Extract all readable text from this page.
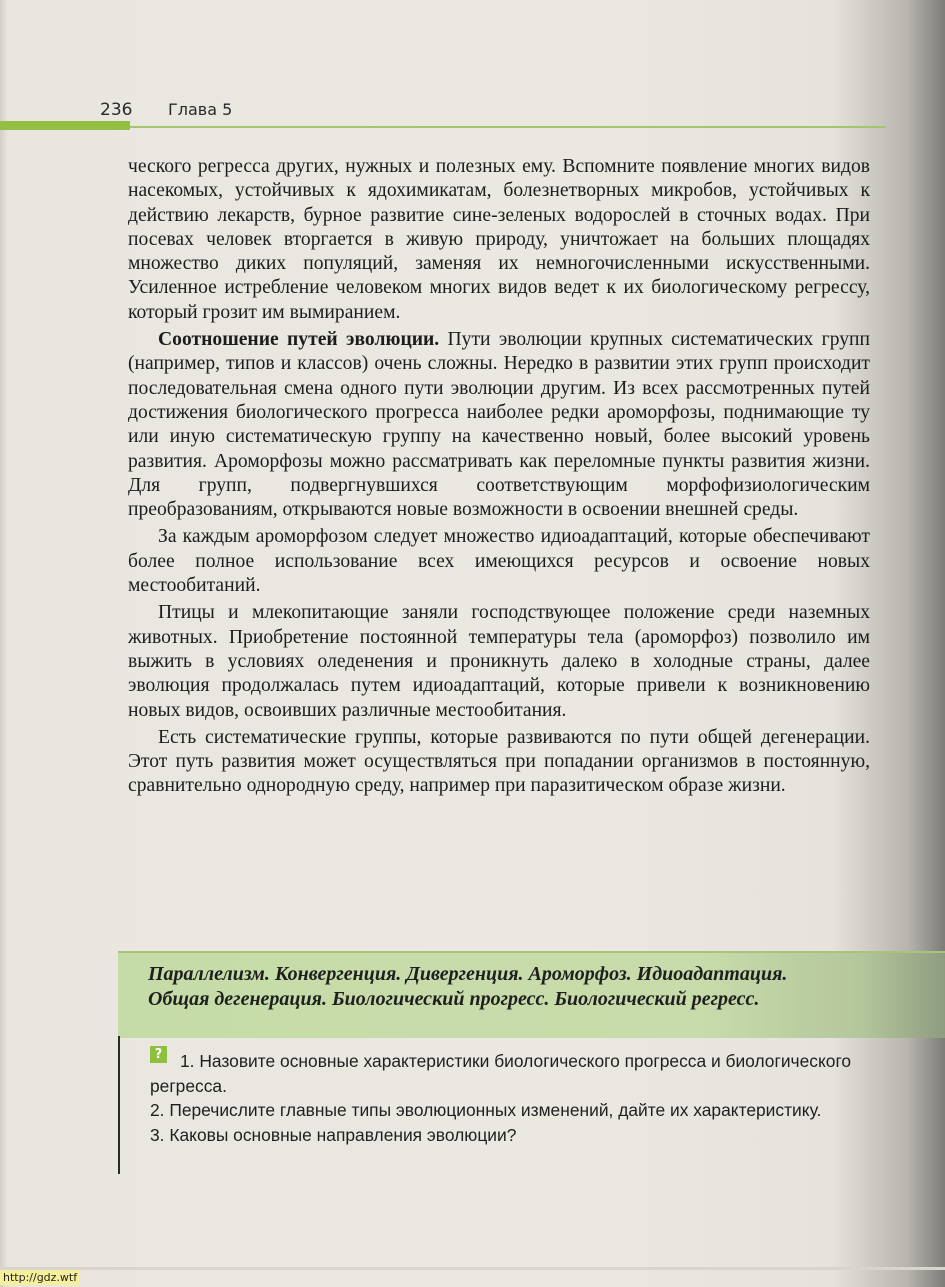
236 Глава 5

ческого регресса других, нужных и полезных ему. Вспомните появление многих видов насекомых, устойчивых к ядохимикатам, болезнетворных микробов, устойчивых к действию лекарств, бурное развитие сине-зеленых водорослей в сточных водах. При посевах человек вторгается в живую природу, уничтожает на больших площадях множество диких популяций, заменяя их немногочисленными искусственными. Усиленное истребление человеком многих видов ведет к их биологическому регрессу, который грозит им вымиранием.

Соотношение путей эволюции. Пути эволюции крупных систематических групп (например, типов и классов) очень сложны. Нередко в развитии этих групп происходит последовательная смена одного пути эволюции другим. Из всех рассмотренных путей достижения биологического прогресса наиболее редки ароморфозы, поднимающие ту или иную систематическую группу на качественно новый, более высокий уровень развития. Ароморфозы можно рассматривать как переломные пункты развития жизни. Для групп, подвергнувшихся соответствующим морфофизиологическим преобразованиям, открываются новые возможности в освоении внешней среды.

За каждым ароморфозом следует множество идиоадаптаций, которые обеспечивают более полное использование всех имеющихся ресурсов и освоение новых местообитаний.

Птицы и млекопитающие заняли господствующее положение среди наземных животных. Приобретение постоянной температуры тела (ароморфоз) позволило им выжить в условиях оледенения и проникнуть далеко в холодные страны, далее эволюция продолжалась путем идиоадаптаций, которые привели к возникновению новых видов, освоивших различные местообитания.

Есть систематические группы, которые развиваются по пути общей дегенерации. Этот путь развития может осуществляться при попадании организмов в постоянную, сравнительно однородную среду, например при паразитическом образе жизни.

Параллелизм. Конвергенция. Дивергенция. Ароморфоз. Идиоадаптация. Общая дегенерация. Биологический прогресс. Биологический регресс.
?	1. Назовите основные характеристики биологического прогресса и биологического регресса.

2. Перечислите главные типы эволюционных изменений, дайте их характеристику.

3. Каковы основные направления эволюции?

http://gdz.wtf
